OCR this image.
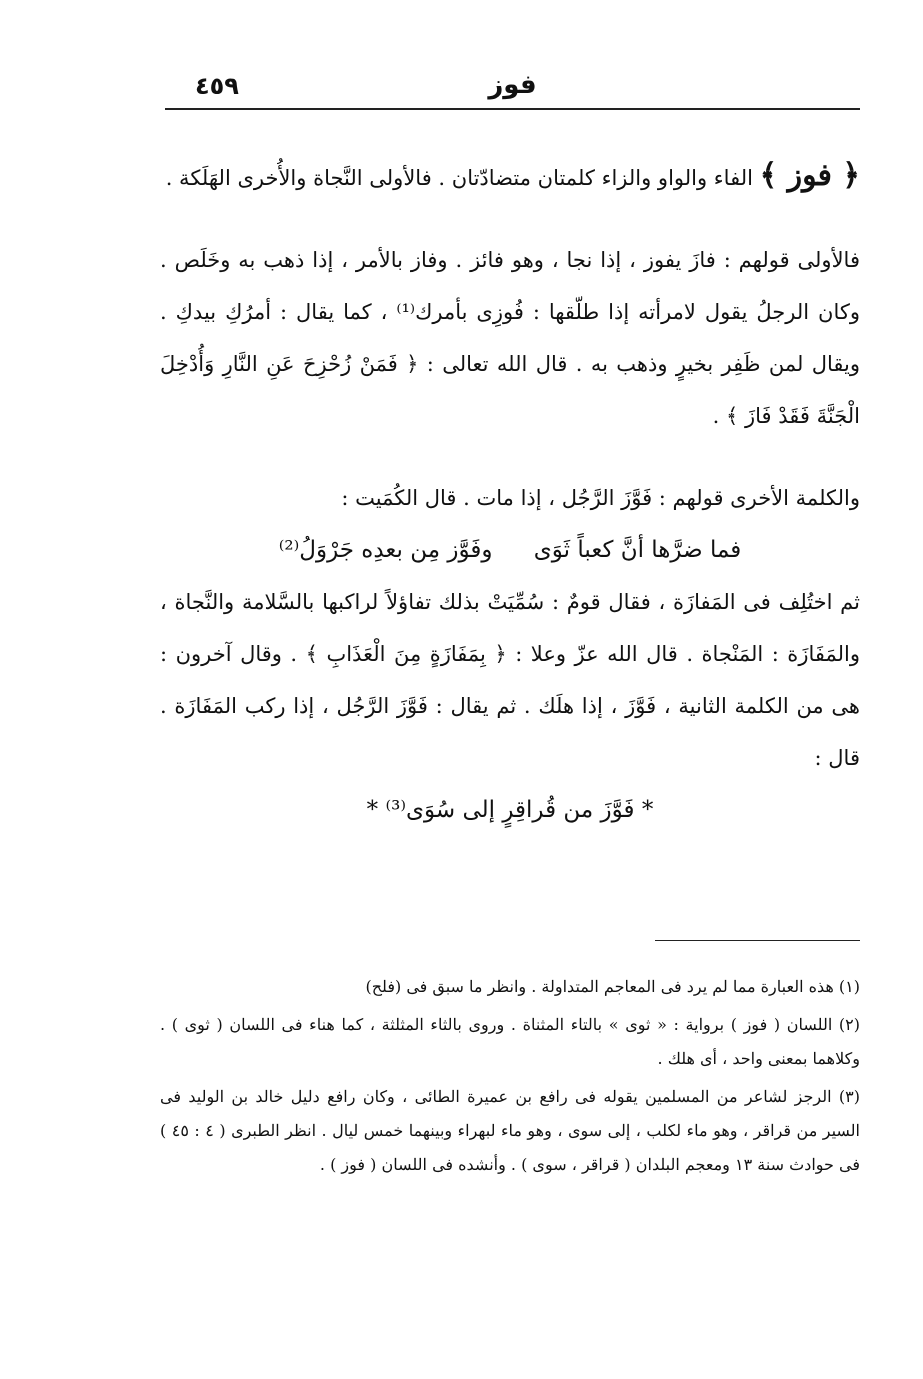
فوز
٤٥٩

﴿ فوز ﴾ الفاء والواو والزاء كلمتان متضادّتان . فالأولى النَّجاة والأُخرى الهَلَكة .

فالأولى قولهم : فازَ يفوز ، إذا نجا ، وهو فائز . وفاز بالأمر ، إذا ذهب به وخَلَص . وكان الرجلُ يقول لامرأته إذا طلّقها : فُوزِى بأمرك⁽¹⁾ ، كما يقال : أمرُكِ بيدكِ . ويقال لمن ظَفِر بخيرٍ وذهب به . قال الله تعالى : ﴿ فَمَنْ زُحْزِحَ عَنِ النَّارِ وَأُدْخِلَ الْجَنَّةَ فَقَدْ فَازَ ﴾ .

والكلمة الأخرى قولهم : فَوَّزَ الرَّجُل ، إذا مات . قال الكُمَيت :

فما ضرَّها أنَّ كعباً ثَوَى وفَوَّز مِن بعدِه جَرْوَلُ⁽²⁾

ثم اختُلِف فى المَفازَة ، فقال قومٌ : سُمِّيَتْ بذلك تفاؤلاً لراكبها بالسَّلامة والنَّجاة ، والمَفَازَة : المَنْجاة . قال الله عزّ وعلا : ﴿ بِمَفَازَةٍ مِنَ الْعَذَابِ ﴾ . وقال آخرون : هى من الكلمة الثانية ، فَوَّزَ ، إذا هلَك . ثم يقال : فَوَّزَ الرَّجُل ، إذا ركب المَفَازَة . قال :

* فَوَّزَ من قُراقِرٍ إلى سُوَى⁽³⁾ *

(١) هذه العبارة مما لم يرد فى المعاجم المتداولة . وانظر ما سبق فى (فلح)

(٢) اللسان ( فوز ) برواية : « ثوى » بالتاء المثناة . وروى بالثاء المثلثة ، كما هناء فى اللسان ( ثوى ) . وكلاهما بمعنى واحد ، أى هلك .

(٣) الرجز لشاعر من المسلمين يقوله فى رافع بن عميرة الطائى ، وكان رافع دليل خالد بن الوليد فى السير من قراقر ، وهو ماء لكلب ، إلى سوى ، وهو ماء لبهراء وبينهما خمس ليال . انظر الطبرى ( ٤ : ٤٥ ) فى حوادث سنة ١٣ ومعجم البلدان ( قراقر ، سوى ) . وأنشده فى اللسان ( فوز ) .
